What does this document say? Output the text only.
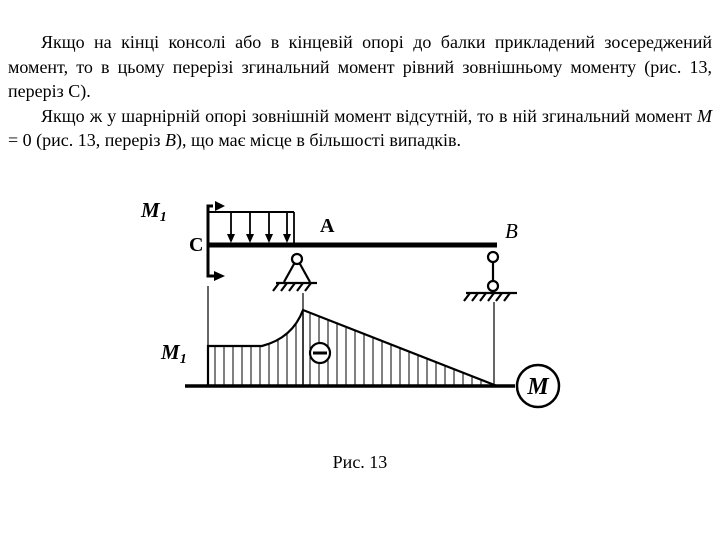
Якщо на кінці консолі або в кінцевій опорі до балки прикладений зосереджений момент, то в цьому перерізі згинальний момент рівний зовнішньому моменту (рис. 13, переріз С).

Якщо ж у шарнірній опорі зовнішній момент відсутній, то в ній згинальний момент М = 0 (рис. 13, переріз В), що має місце в більшості випадків.

M1
C
A	B
M1
M
Рис. 13
